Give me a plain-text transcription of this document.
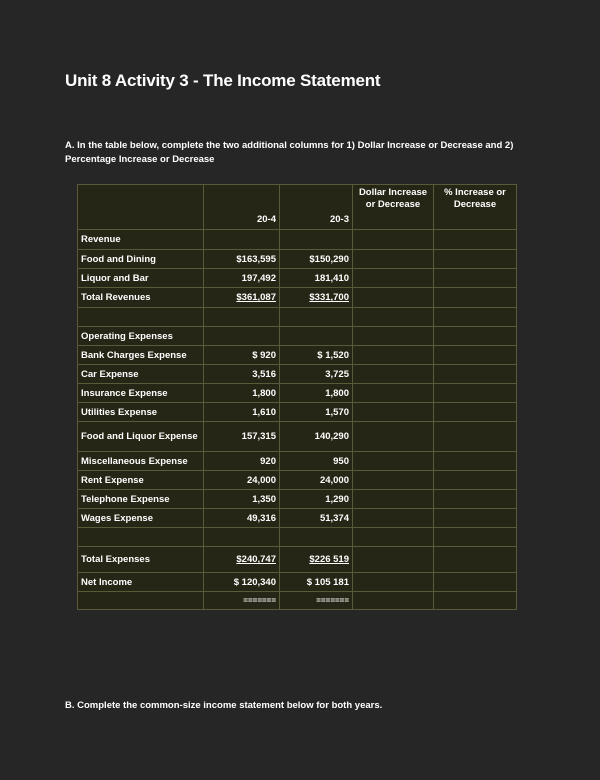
Unit 8 Activity 3 - The Income Statement
A. In the table below, complete the two additional columns for 1) Dollar Increase or Decrease and 2) Percentage Increase or Decrease
	20-4	20-3	Dollar Increase or Decrease	% Increase or Decrease
Revenue				
Food and Dining	$163,595	$150,290		
Liquor and Bar	197,492	181,410		
Total Revenues	$361,087	$331,700		

Operating Expenses				
Bank Charges Expense	$ 920	$ 1,520		
Car Expense	3,516	3,725		
Insurance Expense	1,800	1,800		
Utilities Expense	1,610	1,570		
Food and Liquor Expense	157,315	140,290		
Miscellaneous Expense	920	950		
Rent Expense	24,000	24,000		
Telephone Expense	1,350	1,290		
Wages Expense	49,316	51,374		

Total Expenses	$240,747	$226 519		
Net Income	$ 120,340	$ 105 181		
	=======	=======		
B. Complete the common-size income statement below for both years.
